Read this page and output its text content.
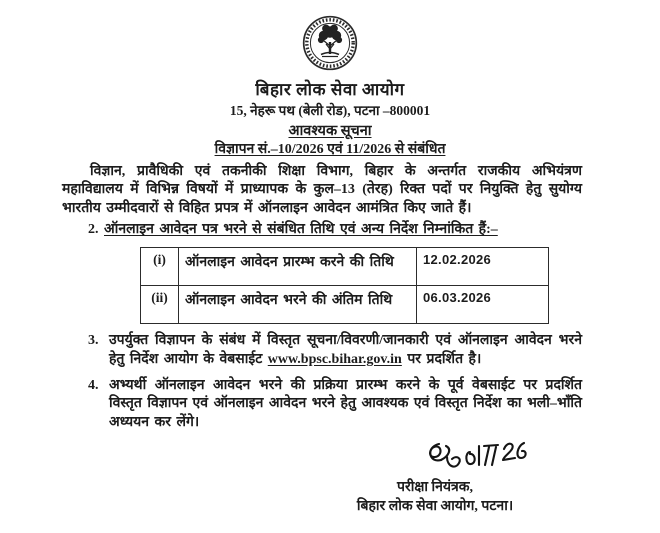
बिहार लोक सेवा आयोग
15, नेहरू पथ (बेली रोड), पटना –800001
आवश्यक सूचना
विज्ञापन सं.–10/2026 एवं 11/2026 से संबंधित

विज्ञान, प्रावैधिकी एवं तकनीकी शिक्षा विभाग, बिहार के अन्तर्गत राजकीय अभियंत्रण महाविद्यालय में विभिन्न विषयों में प्राध्यापक के कुल–13 (तेरह) रिक्त पदों पर नियुक्ति हेतु सुयोग्य भारतीय उम्मीदवारों से विहित प्रपत्र में ऑनलाइन आवेदन आमंत्रित किए जाते हैं।

2. ऑनलाइन आवेदन पत्र भरने से संबंधित तिथि एवं अन्य निर्देश निम्नांकित हैं:–
(i)	ऑनलाइन आवेदन प्रारम्भ करने की तिथि	12.02.2026
(ii)	ऑनलाइन आवेदन भरने की अंतिम तिथि	06.03.2026
3. उपर्युक्त विज्ञापन के संबंध में विस्तृत सूचना/विवरणी/जानकारी एवं ऑनलाइन आवेदन भरने हेतु निर्देश आयोग के वेबसाईट www.bpsc.bihar.gov.in पर प्रदर्शित है।
4. अभ्यर्थी ऑनलाइन आवेदन भरने की प्रक्रिया प्रारम्भ करने के पूर्व वेबसाईट पर प्रदर्शित विस्तृत विज्ञापन एवं ऑनलाइन आवेदन भरने हेतु आवश्यक एवं विस्तृत निर्देश का भली–भाँति अध्ययन कर लेंगे।
परीक्षा नियंत्रक,
बिहार लोक सेवा आयोग, पटना।
